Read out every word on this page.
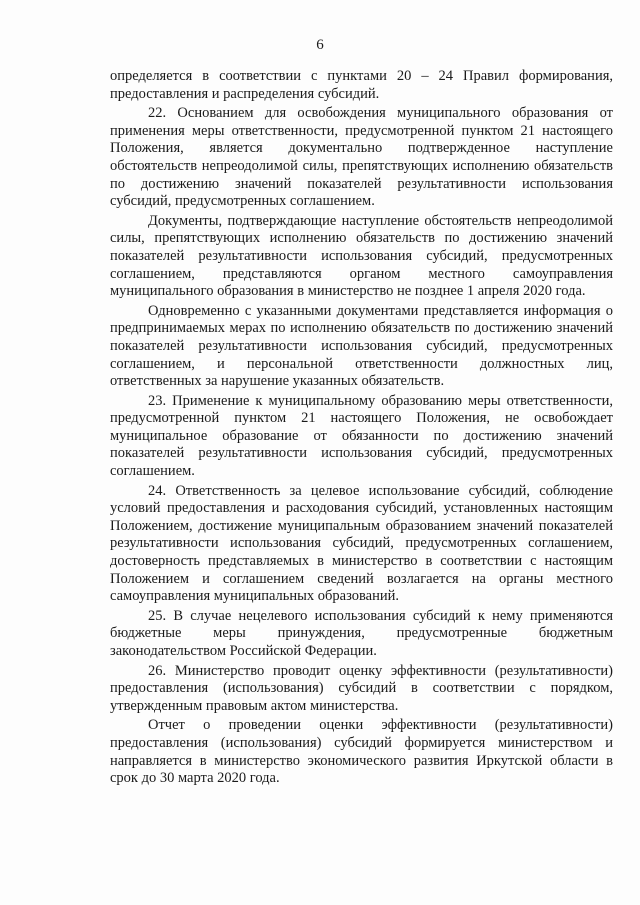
6

определяется в соответствии с пунктами 20 – 24 Правил формирования, предоставления и распределения субсидий.

22. Основанием для освобождения муниципального образования от применения меры ответственности, предусмотренной пунктом 21 настоящего Положения, является документально подтвержденное наступление обстоятельств непреодолимой силы, препятствующих исполнению обязательств по достижению значений показателей результативности использования субсидий, предусмотренных соглашением.

Документы, подтверждающие наступление обстоятельств непреодолимой силы, препятствующих исполнению обязательств по достижению значений показателей результативности использования субсидий, предусмотренных соглашением, представляются органом местного самоуправления муниципального образования в министерство не позднее 1 апреля 2020 года.

Одновременно с указанными документами представляется информация о предпринимаемых мерах по исполнению обязательств по достижению значений показателей результативности использования субсидий, предусмотренных соглашением, и персональной ответственности должностных лиц, ответственных за нарушение указанных обязательств.

23. Применение к муниципальному образованию меры ответственности, предусмотренной пунктом 21 настоящего Положения, не освобождает муниципальное образование от обязанности по достижению значений показателей результативности использования субсидий, предусмотренных соглашением.

24. Ответственность за целевое использование субсидий, соблюдение условий предоставления и расходования субсидий, установленных настоящим Положением, достижение муниципальным образованием значений показателей результативности использования субсидий, предусмотренных соглашением, достоверность представляемых в министерство в соответствии с настоящим Положением и соглашением сведений возлагается на органы местного самоуправления муниципальных образований.

25. В случае нецелевого использования субсидий к нему применяются бюджетные меры принуждения, предусмотренные бюджетным законодательством Российской Федерации.

26. Министерство проводит оценку эффективности (результативности) предоставления (использования) субсидий в соответствии с порядком, утвержденным правовым актом министерства.

Отчет о проведении оценки эффективности (результативности) предоставления (использования) субсидий формируется министерством и направляется в министерство экономического развития Иркутской области в срок до 30 марта 2020 года.
